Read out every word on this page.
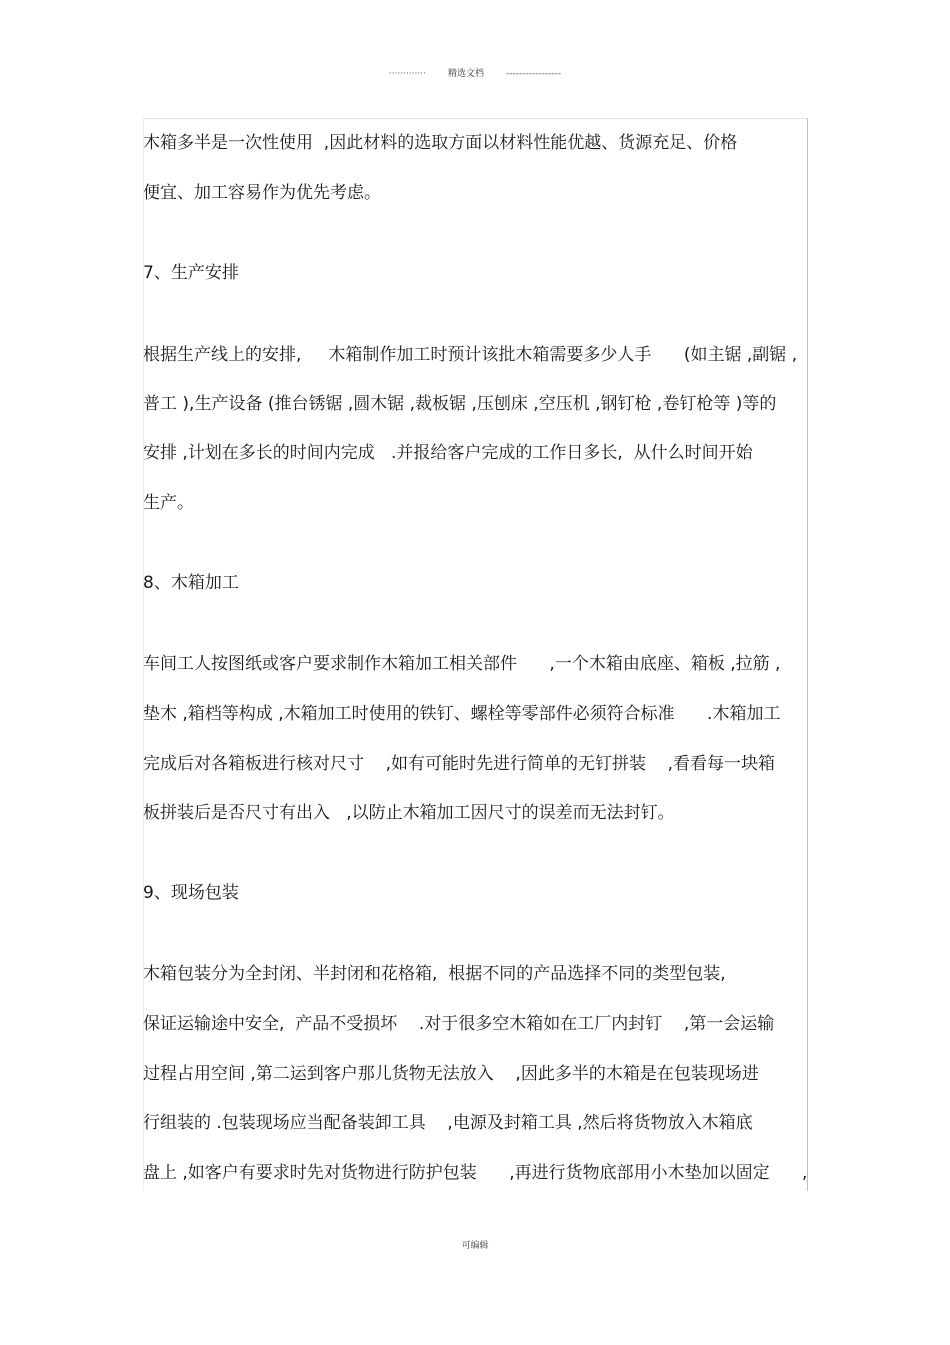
············· 精选文档 -----------------
木箱多半是一次性使用  ,因此材料的选取方面以材料性能优越、货源充足、价格
便宜、加工容易作为优先考虑。
7、生产安排
根据生产线上的安排,     木箱制作加工时预计该批木箱需要多少人手      (如主锯 ,副锯 ,
普工 ),生产设备 (推台锈锯 ,圆木锯 ,裁板锯 ,压刨床 ,空压机 ,钢钉枪 ,卷钉枪等 )等的
安排 ,计划在多长的时间内完成   .并报给客户完成的工作日多长,  从什么时间开始
生产。
8、木箱加工
车间工人按图纸或客户要求制作木箱加工相关部件      ,一个木箱由底座、箱板 ,拉筋 ,
垫木 ,箱档等构成 ,木箱加工时使用的铁钉、螺栓等零部件必须符合标准      .木箱加工
完成后对各箱板进行核对尺寸    ,如有可能时先进行简单的无钉拼装    ,看看每一块箱
板拼装后是否尺寸有出入   ,以防止木箱加工因尺寸的误差而无法封钉。
9、现场包装
木箱包装分为全封闭、半封闭和花格箱,  根据不同的产品选择不同的类型包装,
保证运输途中安全,  产品不受损坏    .对于很多空木箱如在工厂内封钉    ,第一会运输
过程占用空间 ,第二运到客户那儿货物无法放入    ,因此多半的木箱是在包装现场进
行组装的 .包装现场应当配备装卸工具    ,电源及封箱工具 ,然后将货物放入木箱底
盘上 ,如客户有要求时先对货物进行防护包装      ,再进行货物底部用小木垫加以固定      ,
可编辑
